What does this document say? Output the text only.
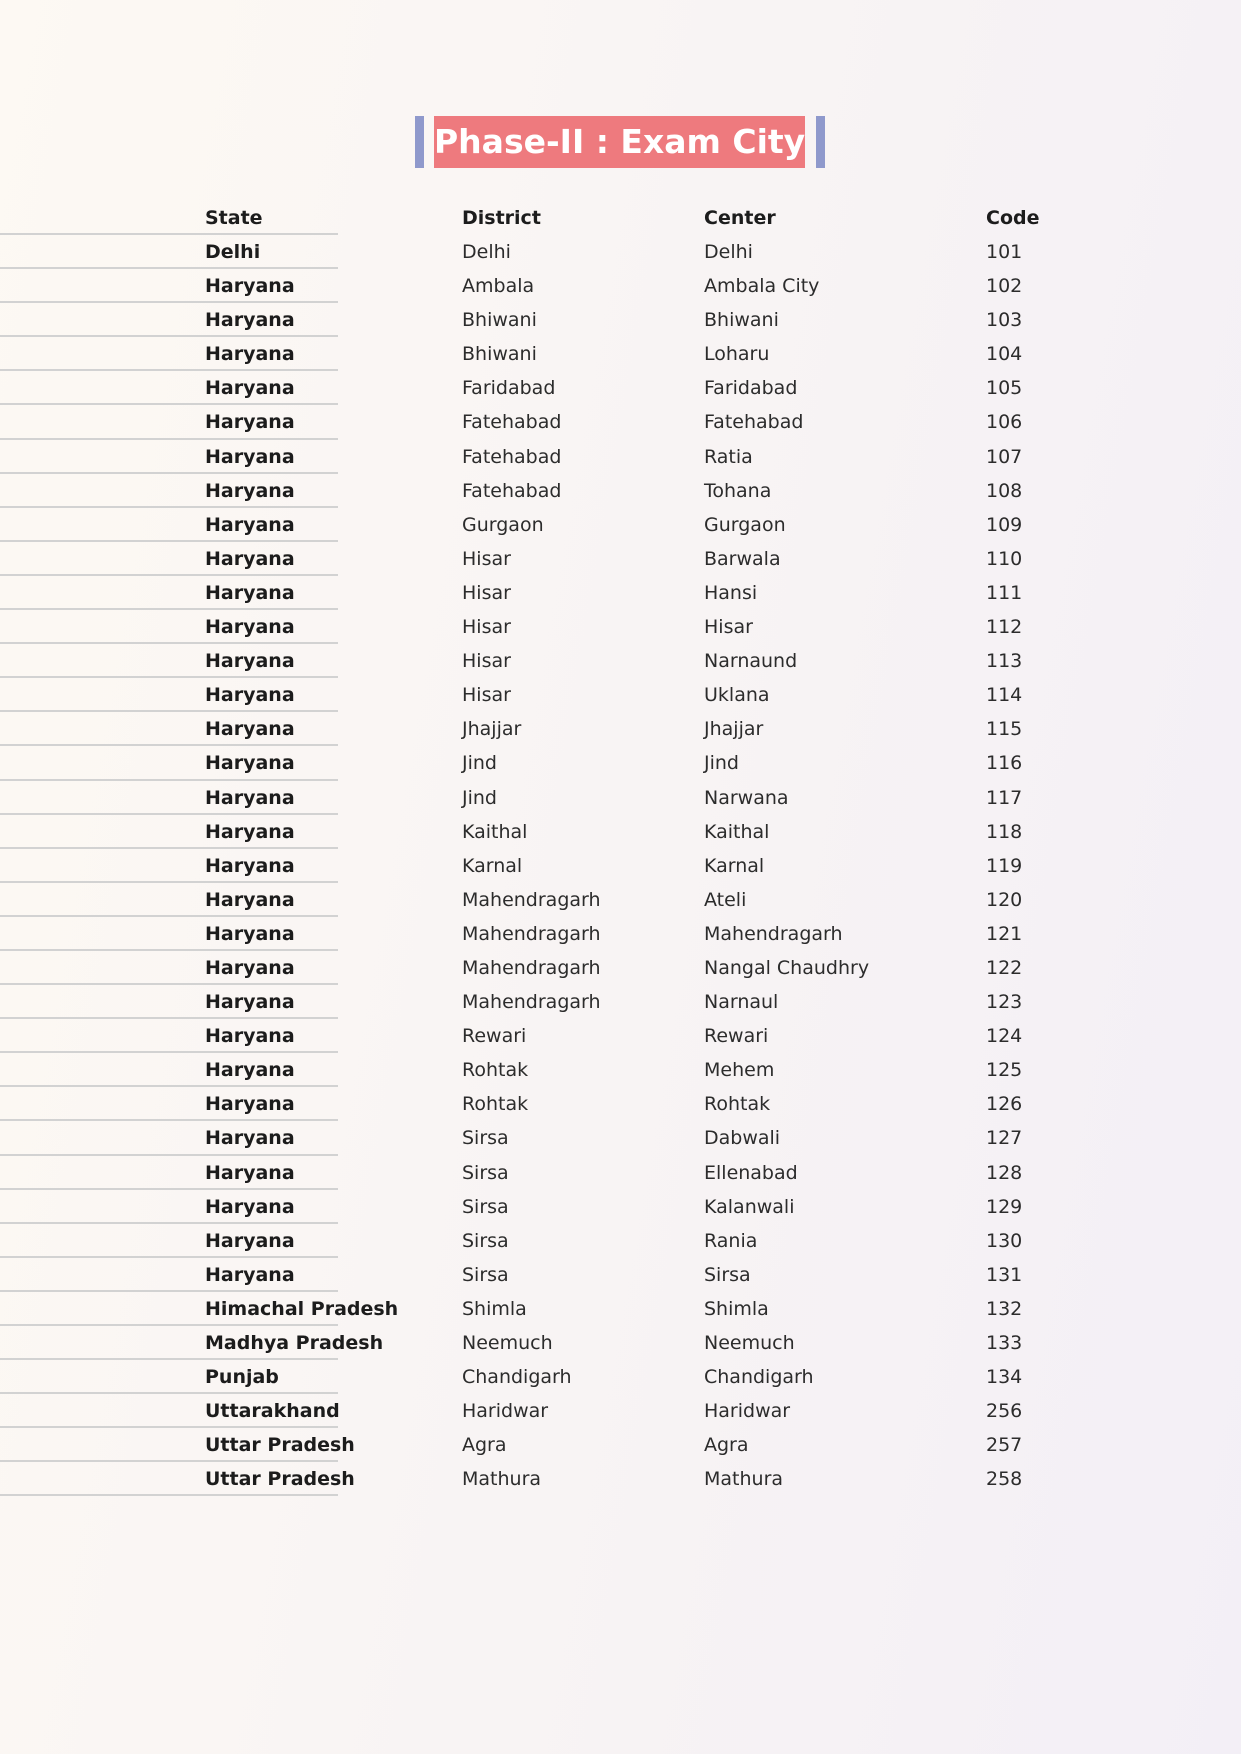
Phase-II : Exam City
State	District	Center	Code
Delhi	Delhi	Delhi	101
Haryana	Ambala	Ambala City	102
Haryana	Bhiwani	Bhiwani	103
Haryana	Bhiwani	Loharu	104
Haryana	Faridabad	Faridabad	105
Haryana	Fatehabad	Fatehabad	106
Haryana	Fatehabad	Ratia	107
Haryana	Fatehabad	Tohana	108
Haryana	Gurgaon	Gurgaon	109
Haryana	Hisar	Barwala	110
Haryana	Hisar	Hansi	111
Haryana	Hisar	Hisar	112
Haryana	Hisar	Narnaund	113
Haryana	Hisar	Uklana	114
Haryana	Jhajjar	Jhajjar	115
Haryana	Jind	Jind	116
Haryana	Jind	Narwana	117
Haryana	Kaithal	Kaithal	118
Haryana	Karnal	Karnal	119
Haryana	Mahendragarh	Ateli	120
Haryana	Mahendragarh	Mahendragarh	121
Haryana	Mahendragarh	Nangal Chaudhry	122
Haryana	Mahendragarh	Narnaul	123
Haryana	Rewari	Rewari	124
Haryana	Rohtak	Mehem	125
Haryana	Rohtak	Rohtak	126
Haryana	Sirsa	Dabwali	127
Haryana	Sirsa	Ellenabad	128
Haryana	Sirsa	Kalanwali	129
Haryana	Sirsa	Rania	130
Haryana	Sirsa	Sirsa	131
Himachal Pradesh	Shimla	Shimla	132
Madhya Pradesh	Neemuch	Neemuch	133
Punjab	Chandigarh	Chandigarh	134
Uttarakhand	Haridwar	Haridwar	256
Uttar Pradesh	Agra	Agra	257
Uttar Pradesh	Mathura	Mathura	258
